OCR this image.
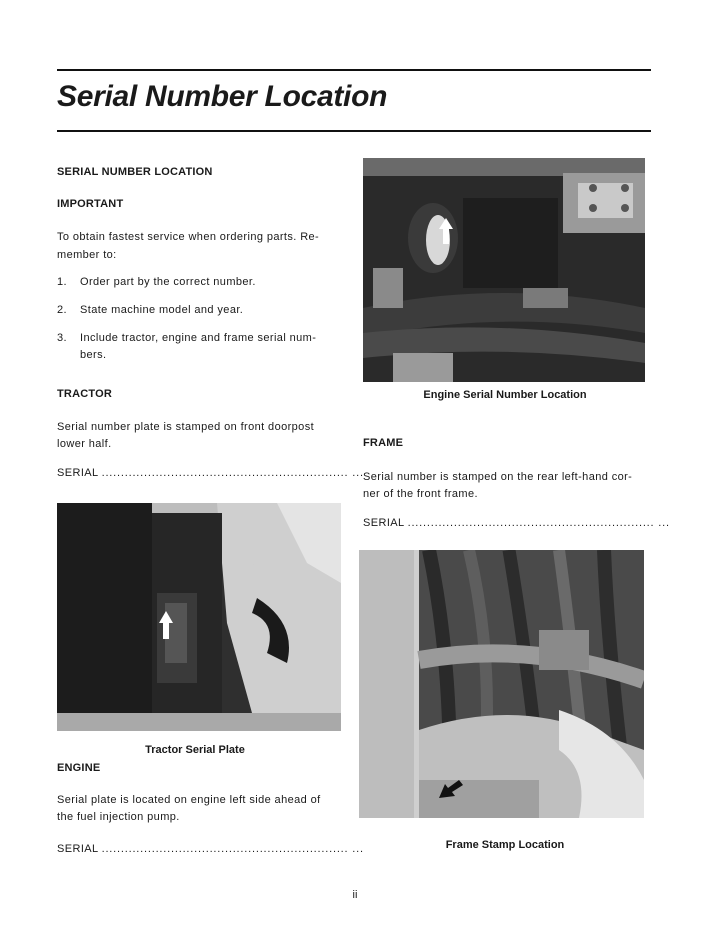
Serial Number Location

SERIAL NUMBER LOCATION

IMPORTANT

To obtain fastest service when ordering parts. Re-

member to:

1. Order part by the correct number.
2. State machine model and year.
3. Include tractor, engine and frame serial num-
bers.

TRACTOR

Serial number plate is stamped on front doorpost

lower half.

SERIAL ................................................................ ...

Tractor Serial Plate

ENGINE

Serial plate is located on engine left side ahead of

the fuel injection pump.

SERIAL ................................................................ ...

Engine Serial Number Location

FRAME

Serial number is stamped on the rear left-hand cor-

ner of the front frame.

SERIAL ................................................................ ...

Frame Stamp Location

ii
